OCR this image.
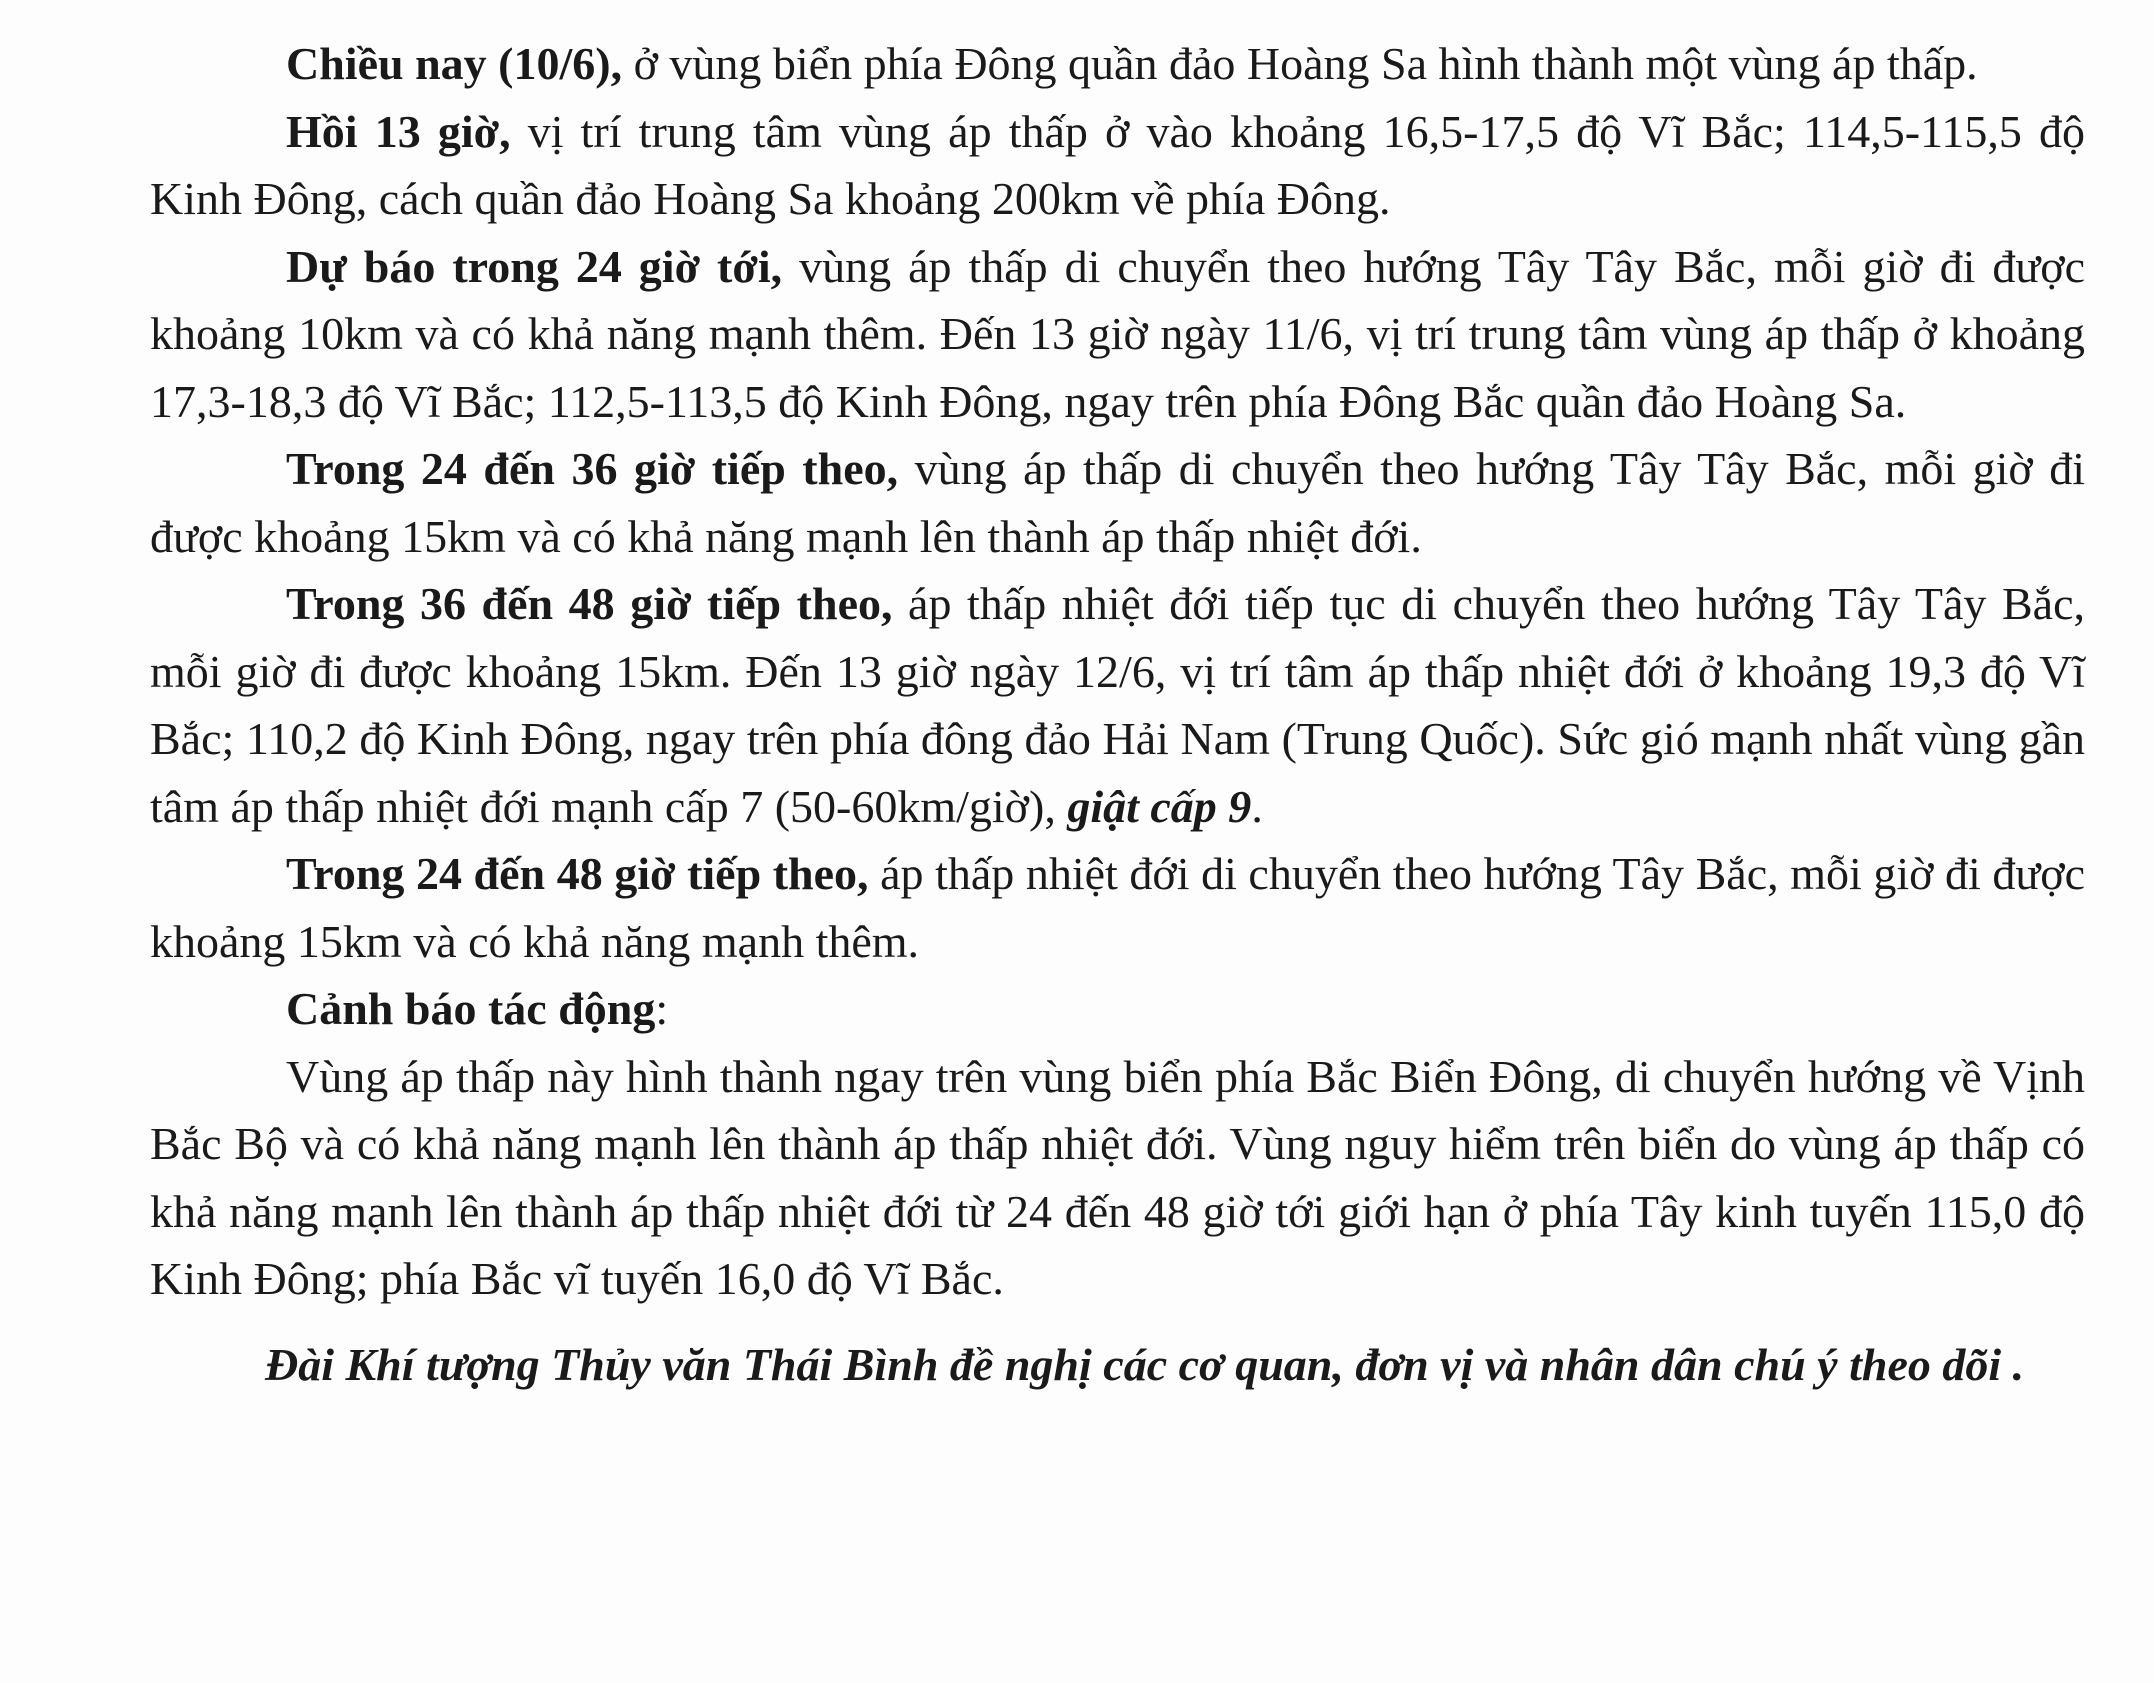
Chiều nay (10/6), ở vùng biển phía Đông quần đảo Hoàng Sa hình thành một vùng áp thấp.

Hồi 13 giờ, vị trí trung tâm vùng áp thấp ở vào khoảng 16,5-17,5 độ Vĩ Bắc; 114,5-115,5 độ Kinh Đông, cách quần đảo Hoàng Sa khoảng 200km về phía Đông.

Dự báo trong 24 giờ tới, vùng áp thấp di chuyển theo hướng Tây Tây Bắc, mỗi giờ đi được khoảng 10km và có khả năng mạnh thêm. Đến 13 giờ ngày 11/6, vị trí trung tâm vùng áp thấp ở khoảng 17,3-18,3 độ Vĩ Bắc; 112,5-113,5 độ Kinh Đông, ngay trên phía Đông Bắc quần đảo Hoàng Sa.

Trong 24 đến 36 giờ tiếp theo, vùng áp thấp di chuyển theo hướng Tây Tây Bắc, mỗi giờ đi được khoảng 15km và có khả năng mạnh lên thành áp thấp nhiệt đới.

Trong 36 đến 48 giờ tiếp theo, áp thấp nhiệt đới tiếp tục di chuyển theo hướng Tây Tây Bắc, mỗi giờ đi được khoảng 15km. Đến 13 giờ ngày 12/6, vị trí tâm áp thấp nhiệt đới ở khoảng 19,3 độ Vĩ Bắc; 110,2 độ Kinh Đông, ngay trên phía đông đảo Hải Nam (Trung Quốc). Sức gió mạnh nhất vùng gần tâm áp thấp nhiệt đới mạnh cấp 7 (50-60km/giờ), giật cấp 9.

Trong 24 đến 48 giờ tiếp theo, áp thấp nhiệt đới di chuyển theo hướng Tây Bắc, mỗi giờ đi được khoảng 15km và có khả năng mạnh thêm.

Cảnh báo tác động:

Vùng áp thấp này hình thành ngay trên vùng biển phía Bắc Biển Đông, di chuyển hướng về Vịnh Bắc Bộ và có khả năng mạnh lên thành áp thấp nhiệt đới. Vùng nguy hiểm trên biển do vùng áp thấp có khả năng mạnh lên thành áp thấp nhiệt đới từ 24 đến 48 giờ tới giới hạn ở phía Tây kinh tuyến 115,0 độ Kinh Đông; phía Bắc vĩ tuyến 16,0 độ Vĩ Bắc.

Đài Khí tượng Thủy văn Thái Bình đề nghị các cơ quan, đơn vị và nhân dân chú ý theo dõi .
